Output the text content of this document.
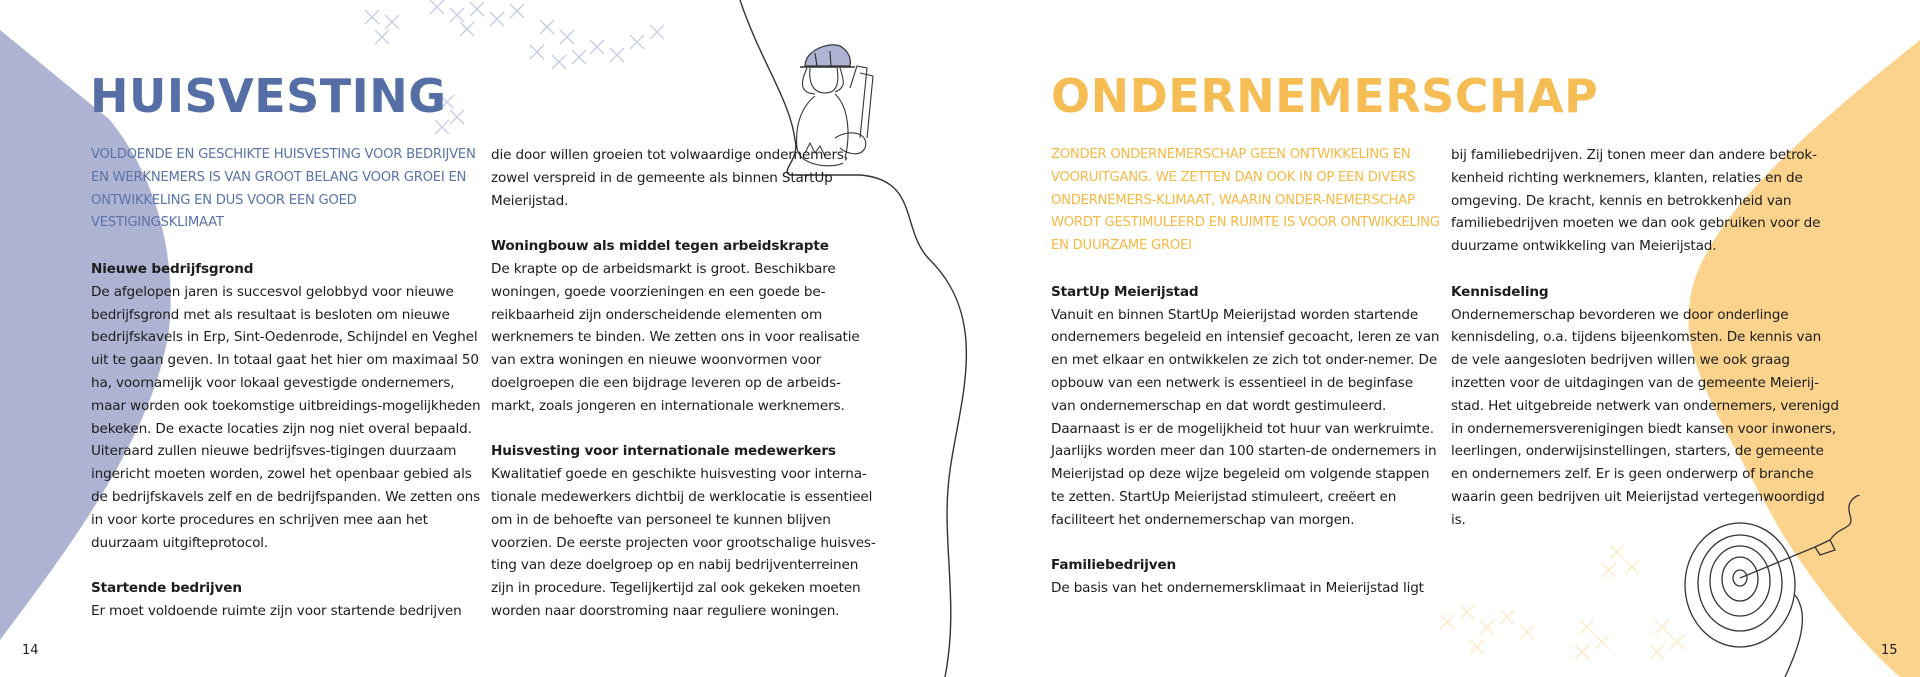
HUISVESTING	ONDERNEMERSCHAP

VOLDOENDE EN GESCHIKTE HUISVESTING VOOR BEDRIJVEN EN WERKNEMERS IS VAN GROOT BELANG VOOR GROEI EN ONTWIKKELING EN DUS VOOR EEN GOED VESTIGINGSKLIMAAT

Nieuwe bedrijfsgrond

De afgelopen jaren is succesvol gelobbyd voor nieuwe bedrijfsgrond met als resultaat is besloten om nieuwe bedrijfskavels in Erp, Sint-Oedenrode, Schijndel en Veghel uit te gaan geven. In totaal gaat het hier om maximaal 50 ha, voornamelijk voor lokaal gevestigde ondernemers, maar worden ook toekomstige uitbreidings-mogelijkheden bekeken. De exacte locaties zijn nog niet overal bepaald. Uiteraard zullen nieuwe bedrijfsves-tigingen duurzaam ingericht moeten worden, zowel het openbaar gebied als de bedrijfskavels zelf en de bedrijfspanden. We zetten ons in voor korte procedures en schrijven mee aan het duurzaam uitgifteprotocol.

Startende bedrijven

Er moet voldoende ruimte zijn voor startende bedrijven

die door willen groeien tot volwaardige ondernemers, zowel verspreid in de gemeente als binnen StartUp Meierijstad.

Woningbouw als middel tegen arbeidskrapte

De krapte op de arbeidsmarkt is groot. Beschikbare woningen, goede voorzieningen en een goede be-reikbaarheid zijn onderscheidende elementen om werknemers te binden. We zetten ons in voor realisatie van extra woningen en nieuwe woonvormen voor doelgroepen die een bijdrage leveren op de arbeids-markt, zoals jongeren en internationale werknemers.

Huisvesting voor internationale medewerkers

Kwalitatief goede en geschikte huisvesting voor interna-tionale medewerkers dichtbij de werklocatie is essentieel om in de behoefte van personeel te kunnen blijven voorzien. De eerste projecten voor grootschalige huisves-ting van deze doelgroep op en nabij bedrijventerreinen zijn in procedure. Tegelijkertijd zal ook gekeken moeten worden naar doorstroming naar reguliere woningen.

ZONDER ONDERNEMERSCHAP GEEN ONTWIKKELING EN VOORUITGANG. WE ZETTEN DAN OOK IN OP EEN DIVERS ONDERNEMERS-KLIMAAT, WAARIN ONDER-NEMERSCHAP WORDT GESTIMULEERD EN RUIMTE IS VOOR ONTWIKKELING EN DUURZAME GROEI

StartUp Meierijstad

Vanuit en binnen StartUp Meierijstad worden startende ondernemers begeleid en intensief gecoacht, leren ze van en met elkaar en ontwikkelen ze zich tot onder-nemer. De opbouw van een netwerk is essentieel in de beginfase van ondernemerschap en dat wordt gestimuleerd. Daarnaast is er de mogelijkheid tot huur van werkruimte. Jaarlijks worden meer dan 100 starten-de ondernemers in Meierijstad op deze wijze begeleid om volgende stappen te zetten. StartUp Meierijstad stimuleert, creëert en faciliteert het ondernemerschap van morgen.

Familiebedrijven

De basis van het ondernemersklimaat in Meierijstad ligt

bij familiebedrijven. Zij tonen meer dan andere betrok-kenheid richting werknemers, klanten, relaties en de omgeving. De kracht, kennis en betrokkenheid van familiebedrijven moeten we dan ook gebruiken voor de duurzame ontwikkeling van Meierijstad.

Kennisdeling

Ondernemerschap bevorderen we door onderlinge kennisdeling, o.a. tijdens bijeenkomsten. De kennis van de vele aangesloten bedrijven willen we ook graag inzetten voor de uitdagingen van de gemeente Meierij-stad. Het uitgebreide netwerk van ondernemers, verenigd in ondernemersverenigingen biedt kansen voor inwoners, leerlingen, onderwijsinstellingen, starters, de gemeente en ondernemers zelf. Er is geen onderwerp of branche waarin geen bedrijven uit Meierijstad vertegenwoordigd is.

14	15
